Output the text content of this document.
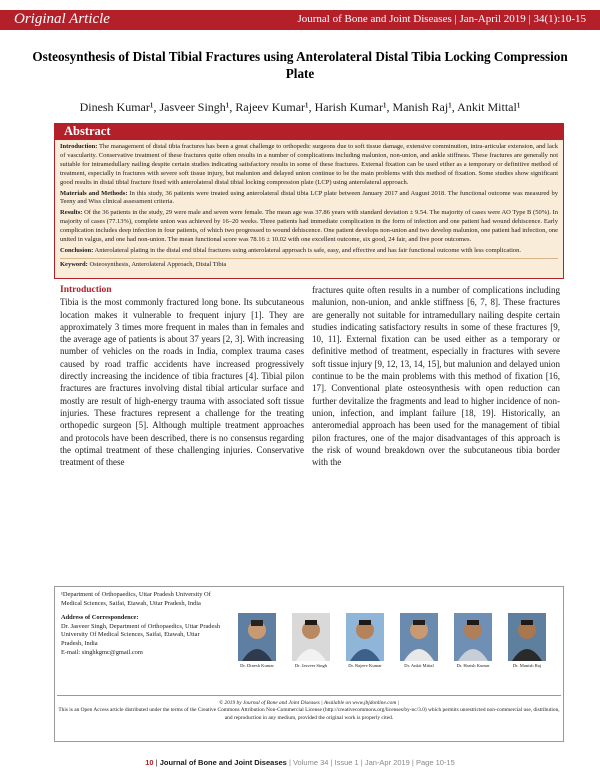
Original Article	Journal of Bone and Joint Diseases | Jan-April 2019 | 34(1):10-15
Osteosynthesis of Distal Tibial Fractures using Anterolateral Distal Tibia Locking Compression Plate
Dinesh Kumar¹, Jasveer Singh¹, Rajeev Kumar¹, Harish Kumar¹, Manish Raj¹, Ankit Mittal¹
Abstract

Introduction: The management of distal tibia fractures has been a great challenge to orthopedic surgeons due to soft tissue damage, extensive comminution, intra-articular extension, and lack of vascularity. Conservative treatment of these fractures quite often results in a number of complications including malunion, non-union, and ankle stiffness. These fractures are generally not suitable for intramedullary nailing despite certain studies indicating satisfactory results in some of these fractures. External fixation can be used either as a temporary or definitive method of treatment, especially in fractures with severe soft tissue injury, but malunion and delayed union continue to be the main problems with this method of fixation. Some studies show significant good results in distal tibial fracture fixed with anterolateral distal tibial locking compression plate (LCP) using anterolateral approach.

Materials and Methods: In this study, 36 patients were treated using anterolateral distal tibia LCP plate between January 2017 and August 2018. The functional outcome was measured by Teeny and Wiss clinical assessment criteria.

Results: Of the 36 patients in the study, 29 were male and seven were female. The mean age was 37.86 years with standard deviation ± 9.54. The majority of cases were AO Type B (50%). In majority of cases (77.13%), complete union was achieved by 16–20 weeks. Three patients had immediate complication in the form of infection and one patient had wound dehiscence. Early complication includes deep infection in four patients, of which two progressed to wound dehiscence. One patient develops non-union and two develop malunion, one patient had infection, one united in valgus, and one had non-union. The mean functional score was 78.16 ± 10.02 with one excellent outcome, six good, 24 fair, and five poor outcomes.

Conclusion: Anterolateral plating in the distal end tibial fractures using anterolateral approach is safe, easy, and effective and has fair functional outcome with less complication.

Keyword: Osteosynthesis, Anterolateral Approach, Distal Tibia

Introduction

Tibia is the most commonly fractured long bone. Its subcutaneous location makes it vulnerable to frequent injury [1]. They are approximately 3 times more frequent in males than in females and the average age of patients is about 37 years [2, 3]. With increasing number of vehicles on the roads in India, complex trauma cases caused by road traffic accidents have increased progressively directly increasing the incidence of tibia fractures [4]. Tibial pilon fractures are fractures involving distal tibial articular surface and mostly are result of high-energy trauma with associated soft tissue injuries. These fractures represent a challenge for the treating orthopedic surgeon [5]. Although multiple treatment approaches and protocols have been described, there is no consensus regarding the optimal treatment of these challenging injuries. Conservative treatment of these

fractures quite often results in a number of complications including malunion, non-union, and ankle stiffness [6, 7, 8]. These fractures are generally not suitable for intramedullary nailing despite certain studies indicating satisfactory results in some of these fractures [9, 10, 11]. External fixation can be used either as a temporary or definitive method of treatment, especially in fractures with severe soft tissue injury [9, 12, 13, 14, 15], but malunion and delayed union continue to be the main problems with this method of fixation [16, 17]. Conventional plate osteosynthesis with open reduction can further devitalize the fragments and lead to higher incidence of non-union, infection, and implant failure [18, 19]. Historically, an anteromedial approach has been used for the management of tibial pilon fractures, one of the major disadvantages of this approach is the risk of wound breakdown over the subcutaneous tibia border with the

¹Department of Orthopaedics, Uttar Pradesh University Of Medical Sciences, Saifai, Etawah, Uttar Pradesh, India
Address of Correspondence:
Dr. Jasveer Singh, Department of Orthopaedics, Uttar Pradesh University Of Medical Sciences, Saifai, Etawah, Uttar Pradesh, India
E-mail: singhkgmc@gmail.com
Dr. Dinesh Kumar	Dr. Jasveer Singh	Dr. Rajeev Kumar	Dr. Ankit Mittal	Dr. Harish Kumar	Dr. Manish Raj
© 2019 by Journal of Bone and Joint Diseases | Available on www.jbjdonline.com |
This is an Open Access article distributed under the terms of the Creative Commons Attribution Non-Commercial License (http://creativecommons.org/licenses/by-nc/3.0) which permits unrestricted non-commercial use, distribution, and reproduction in any medium, provided the original work is properly cited.
10 | Journal of Bone and Joint Diseases | Volume 34 | Issue 1 | Jan-Apr 2019 | Page 10-15
